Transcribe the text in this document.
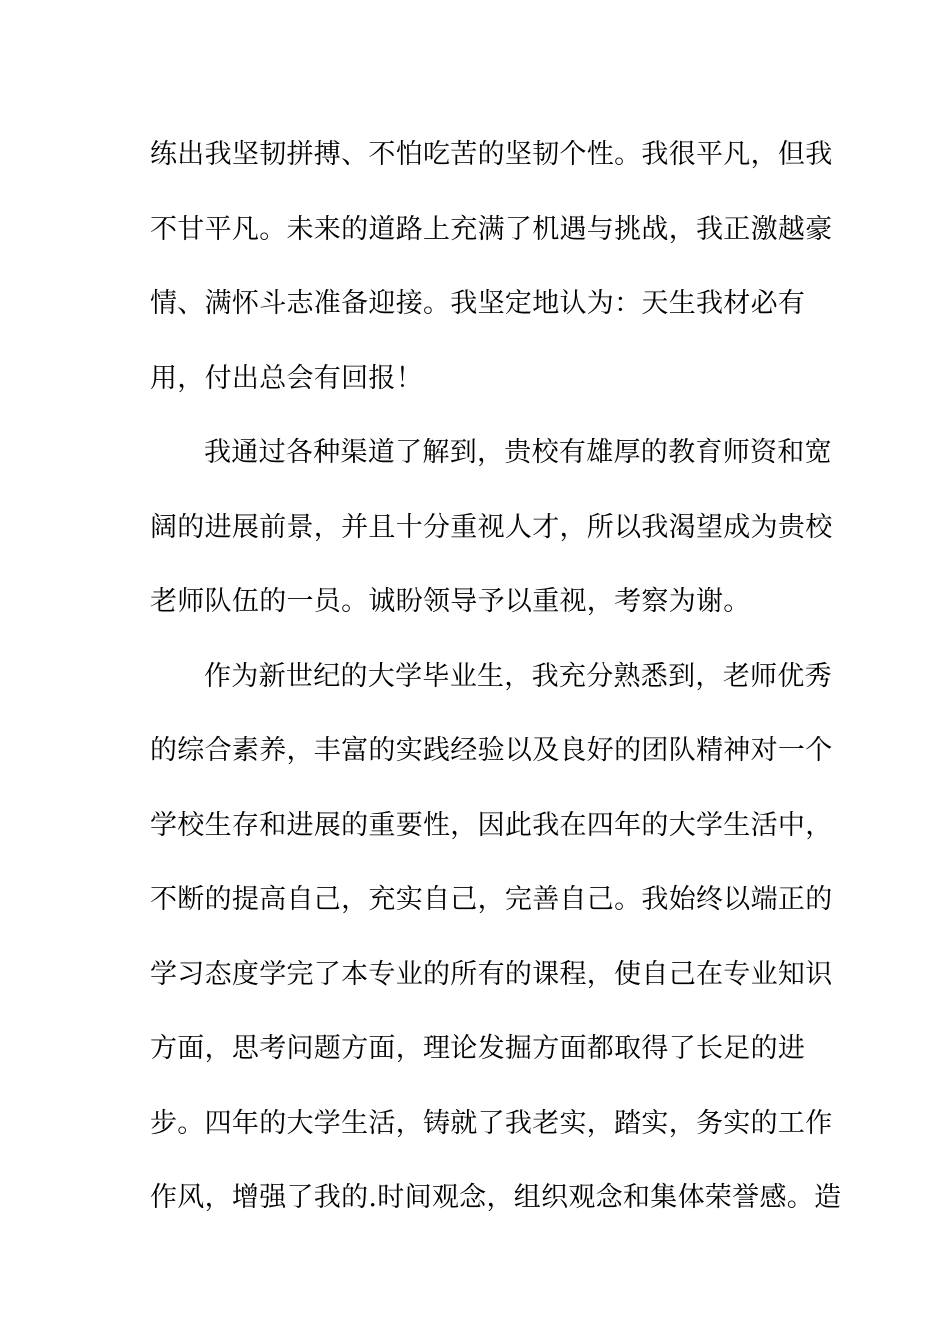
练出我坚韧拼搏、不怕吃苦的坚韧个性。我很平凡，但我
不甘平凡。未来的道路上充满了机遇与挑战，我正激越豪
情、满怀斗志准备迎接。我坚定地认为：天生我材必有
用，付出总会有回报！
我通过各种渠道了解到，贵校有雄厚的教育师资和宽
阔的进展前景，并且十分重视人才，所以我渴望成为贵校
老师队伍的一员。诚盼领导予以重视，考察为谢。
作为新世纪的大学毕业生，我充分熟悉到，老师优秀
的综合素养，丰富的实践经验以及良好的团队精神对一个
学校生存和进展的重要性，因此我在四年的大学生活中，
不断的提高自己，充实自己，完善自己。我始终以端正的
学习态度学完了本专业的所有的课程，使自己在专业知识
方面，思考问题方面，理论发掘方面都取得了长足的进
步。四年的大学生活，铸就了我老实，踏实，务实的工作
作风，增强了我的.时间观念，组织观念和集体荣誉感。造
